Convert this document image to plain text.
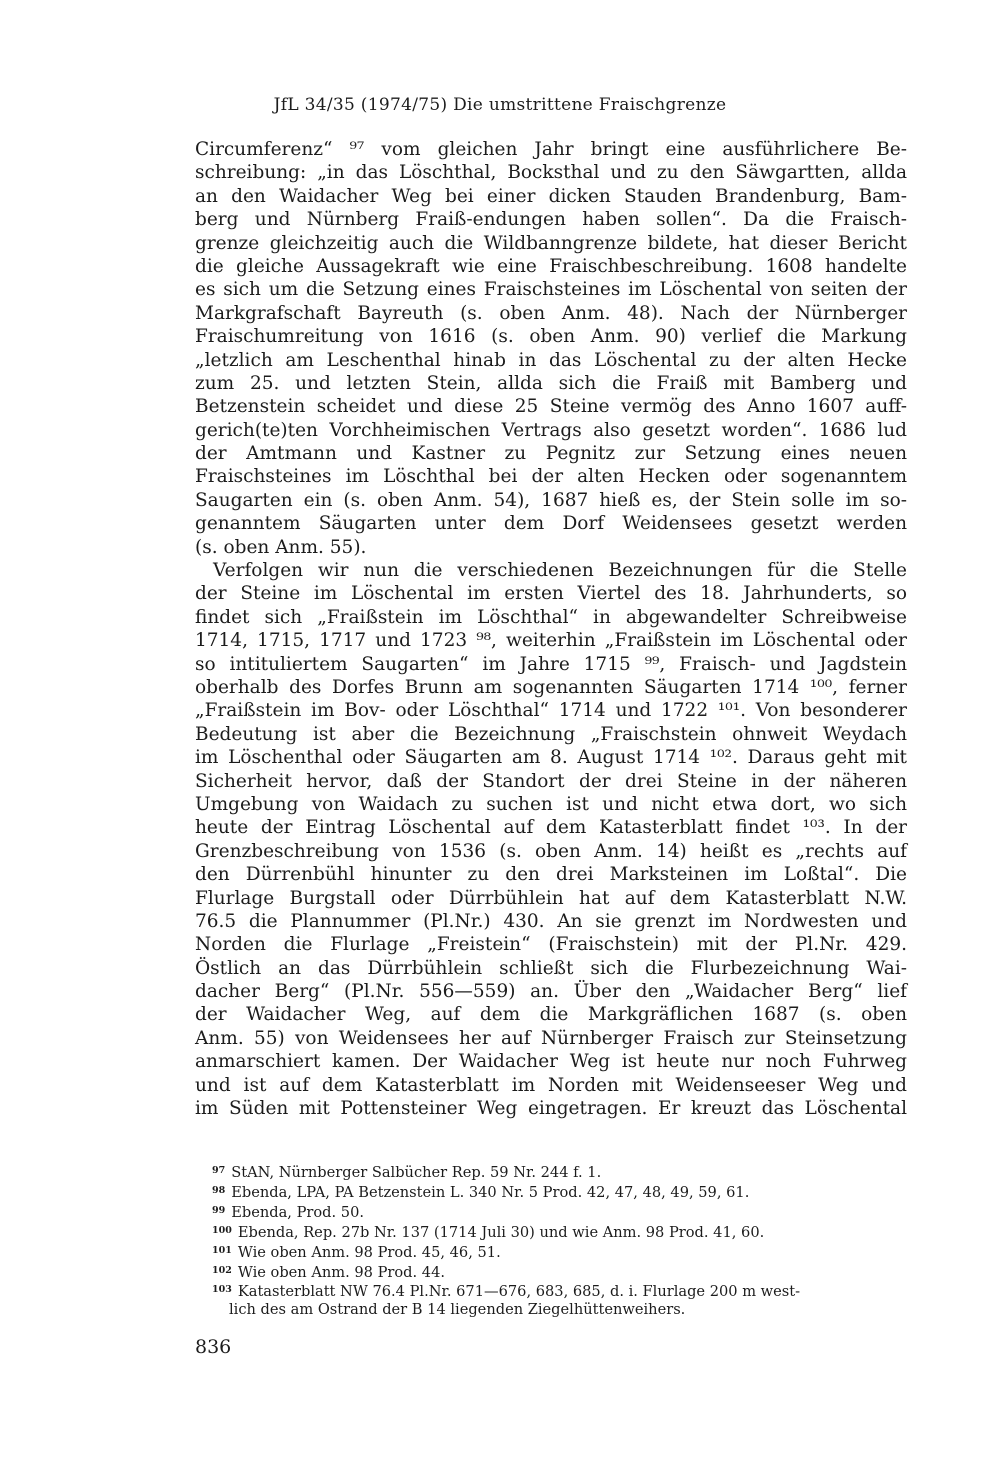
JfL 34/35 (1974/75) Die umstrittene Fraischgrenze
Circumferenz“ ⁹⁷ vom gleichen Jahr bringt eine ausführlichere Be-
schreibung: „in das Löschthal, Bocksthal und zu den Säwgartten, allda
an den Waidacher Weg bei einer dicken Stauden Brandenburg, Bam-
berg und Nürnberg Fraiß-endungen haben sollen“. Da die Fraisch-
grenze gleichzeitig auch die Wildbanngrenze bildete, hat dieser Bericht
die gleiche Aussagekraft wie eine Fraischbeschreibung. 1608 handelte
es sich um die Setzung eines Fraischsteines im Löschental von seiten der
Markgrafschaft Bayreuth (s. oben Anm. 48). Nach der Nürnberger
Fraischumreitung von 1616 (s. oben Anm. 90) verlief die Markung
„letzlich am Leschenthal hinab in das Löschental zu der alten Hecke
zum 25. und letzten Stein, allda sich die Fraiß mit Bamberg und
Betzenstein scheidet und diese 25 Steine vermög des Anno 1607 auff-
gerich(te)ten Vorchheimischen Vertrags also gesetzt worden“. 1686 lud
der Amtmann und Kastner zu Pegnitz zur Setzung eines neuen
Fraischsteines im Löschthal bei der alten Hecken oder sogenanntem
Saugarten ein (s. oben Anm. 54), 1687 hieß es, der Stein solle im so-
genanntem Säugarten unter dem Dorf Weidensees gesetzt werden
(s. oben Anm. 55).
Verfolgen wir nun die verschiedenen Bezeichnungen für die Stelle
der Steine im Löschental im ersten Viertel des 18. Jahrhunderts, so
findet sich „Fraißstein im Löschthal“ in abgewandelter Schreibweise
1714, 1715, 1717 und 1723 ⁹⁸, weiterhin „Fraißstein im Löschental oder
so intituliertem Saugarten“ im Jahre 1715 ⁹⁹, Fraisch- und Jagdstein
oberhalb des Dorfes Brunn am sogenannten Säugarten 1714 ¹⁰⁰, ferner
„Fraißstein im Bov- oder Löschthal“ 1714 und 1722 ¹⁰¹. Von besonderer
Bedeutung ist aber die Bezeichnung „Fraischstein ohnweit Weydach
im Löschenthal oder Säugarten am 8. August 1714 ¹⁰². Daraus geht mit
Sicherheit hervor, daß der Standort der drei Steine in der näheren
Umgebung von Waidach zu suchen ist und nicht etwa dort, wo sich
heute der Eintrag Löschental auf dem Katasterblatt findet ¹⁰³. In der
Grenzbeschreibung von 1536 (s. oben Anm. 14) heißt es „rechts auf
den Dürrenbühl hinunter zu den drei Marksteinen im Loßtal“. Die
Flurlage Burgstall oder Dürrbühlein hat auf dem Katasterblatt N.W.
76.5 die Plannummer (Pl.Nr.) 430. An sie grenzt im Nordwesten und
Norden die Flurlage „Freistein“ (Fraischstein) mit der Pl.Nr. 429.
Östlich an das Dürrbühlein schließt sich die Flurbezeichnung Wai-
dacher Berg“ (Pl.Nr. 556—559) an. Über den „Waidacher Berg“ lief
der Waidacher Weg, auf dem die Markgräflichen 1687 (s. oben
Anm. 55) von Weidensees her auf Nürnberger Fraisch zur Steinsetzung
anmarschiert kamen. Der Waidacher Weg ist heute nur noch Fuhrweg
und ist auf dem Katasterblatt im Norden mit Weidenseeser Weg und
im Süden mit Pottensteiner Weg eingetragen. Er kreuzt das Löschental
$^{97}$ StAN, Nürnberger Salbücher Rep. 59 Nr. 244 f. 1.
$^{98}$ Ebenda, LPA, PA Betzenstein L. 340 Nr. 5 Prod. 42, 47, 48, 49, 59, 61.
$^{99}$ Ebenda, Prod. 50.
$^{100}$ Ebenda, Rep. 27b Nr. 137 (1714 Juli 30) und wie Anm. 98 Prod. 41, 60.
$^{101}$ Wie oben Anm. 98 Prod. 45, 46, 51.
$^{102}$ Wie oben Anm. 98 Prod. 44.
$^{103}$ Katasterblatt NW 76.4 Pl.Nr. 671—676, 683, 685, d. i. Flurlage 200 m west-
lich des am Ostrand der B 14 liegenden Ziegelhüttenweihers.
836
